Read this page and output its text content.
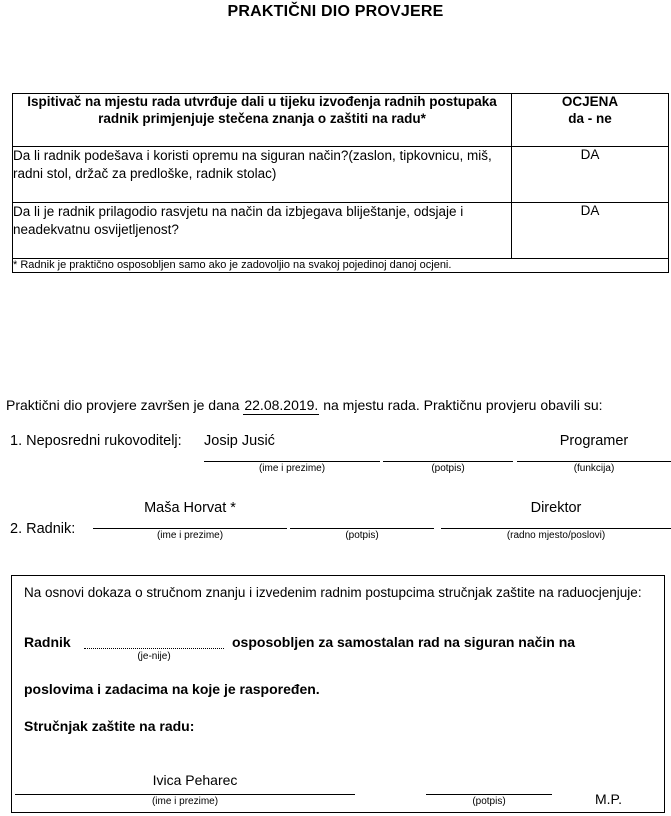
PRAKTIČNI DIO PROVJERE
Ispitivač na mjestu rada utvrđuje dali u tijeku izvođenja radnih postupaka radnik primjenjuje stečena znanja o zaštiti na radu*	OCJENA
da - ne

Da li radnik podešava i koristi opremu na siguran način?(zaslon, tipkovnicu, miš, radni stol, držač za predloške, radnik stolac)	DA
Da li je radnik prilagodio rasvjetu na način da izbjegava bliještanje, odsjaje i neadekvatnu osvijetljenost?	DA
* Radnik je praktično osposobljen samo ako je zadovoljio na svakoj pojedinoj danoj ocjeni.	
Praktični dio provjere završen je dana 22.08.2019. na mjestu rada. Praktičnu provjeru obavili su:
1. Neposredni rukovoditelj: Josip Jusić
(ime i prezime)	(potpis)
Programer
(funkcija)
2. Radnik:
Maša Horvat *
(ime i prezime)	(potpis)
Direktor
(radno mjesto/poslovi)
Na osnovi dokaza o stručnom znanju i izvedenim radnim postupcima stručnjak zaštite na raduocjenjuje:
Radnik
(je-nije)
osposobljen za samostalan rad na siguran način na
poslovima i zadacima na koje je raspoređen.
Stručnjak zaštite na radu:
Ivica Peharec
(ime i prezime)	(potpis)	M.P.
